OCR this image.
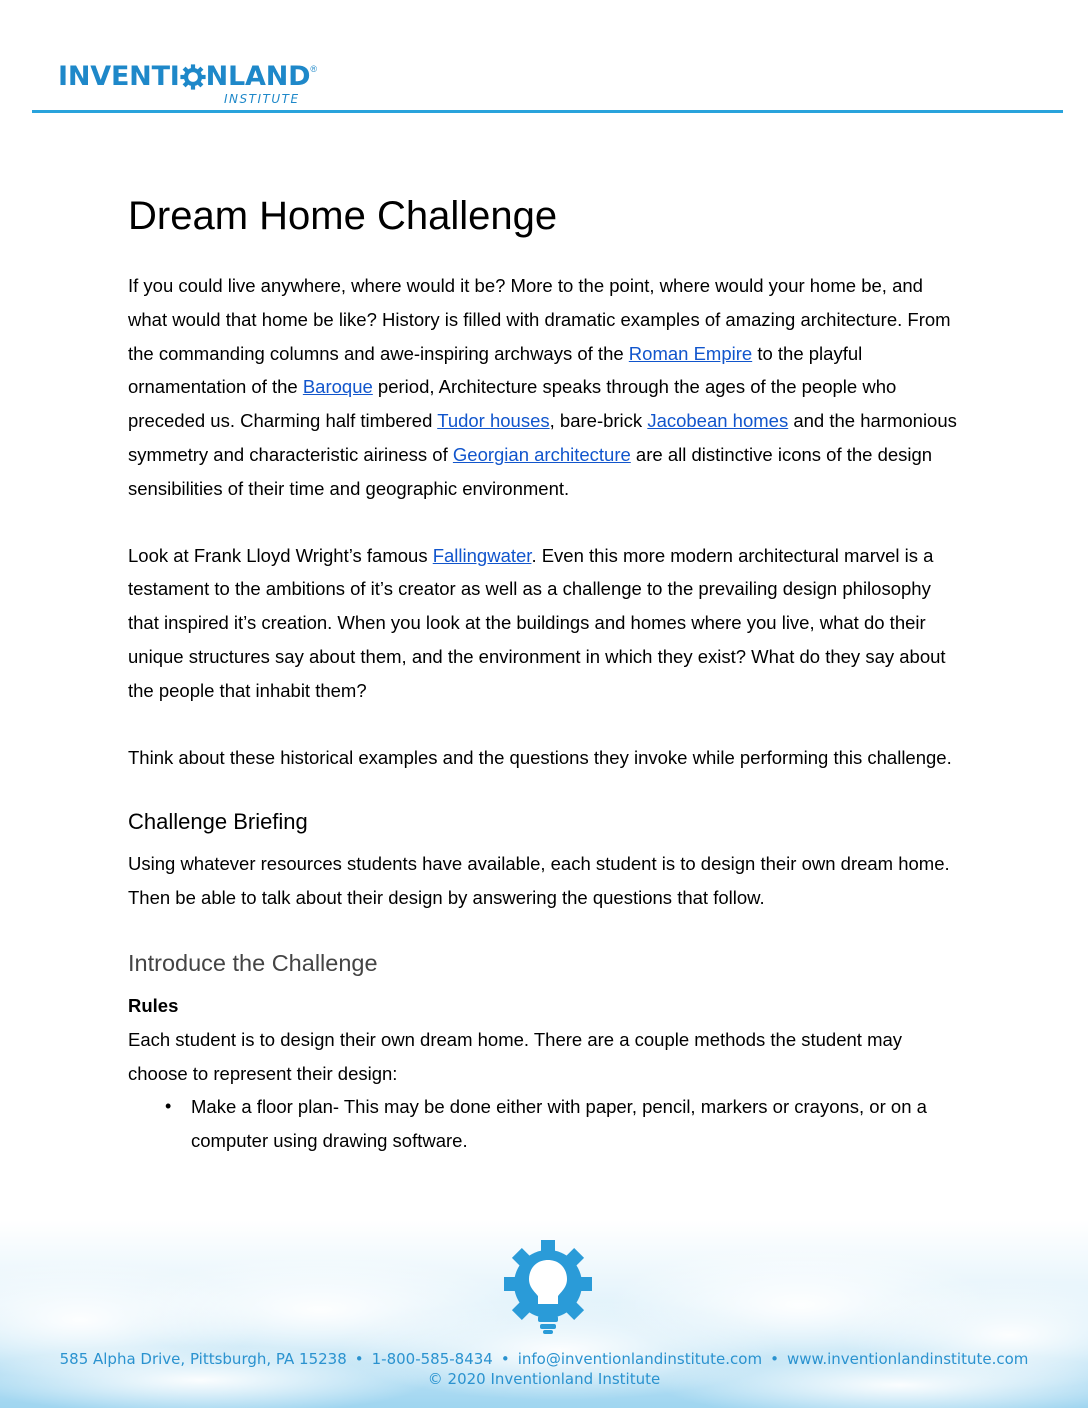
INVENTI NLAND ®
INSTITUTE
Dream Home Challenge

If you could live anywhere, where would it be? More to the point, where would your home be, and what would that home be like? History is filled with dramatic examples of amazing architecture. From the commanding columns and awe-inspiring archways of the Roman Empire to the playful ornamentation of the Baroque period, Architecture speaks through the ages of the people who preceded us. Charming half timbered Tudor houses, bare-brick Jacobean homes and the harmonious symmetry and characteristic airiness of Georgian architecture are all distinctive icons of the design sensibilities of their time and geographic environment.

Look at Frank Lloyd Wright’s famous Fallingwater. Even this more modern architectural marvel is a testament to the ambitions of it’s creator as well as a challenge to the prevailing design philosophy that inspired it’s creation. When you look at the buildings and homes where you live, what do their unique structures say about them, and the environment in which they exist? What do they say about the people that inhabit them?

Think about these historical examples and the questions they invoke while performing this challenge.

Challenge Briefing

Using whatever resources students have available, each student is to design their own dream home. Then be able to talk about their design by answering the questions that follow.

Introduce the Challenge
Rules

Each student is to design their own dream home. There are a couple methods the student may choose to represent their design:

• Make a floor plan- This may be done either with paper, pencil, markers or crayons, or on a computer using drawing software.
585 Alpha Drive, Pittsburgh, PA 15238 • 1-800-585-8434 • info@inventionlandinstitute.com • www.inventionlandinstitute.com
© 2020 Inventionland Institute
